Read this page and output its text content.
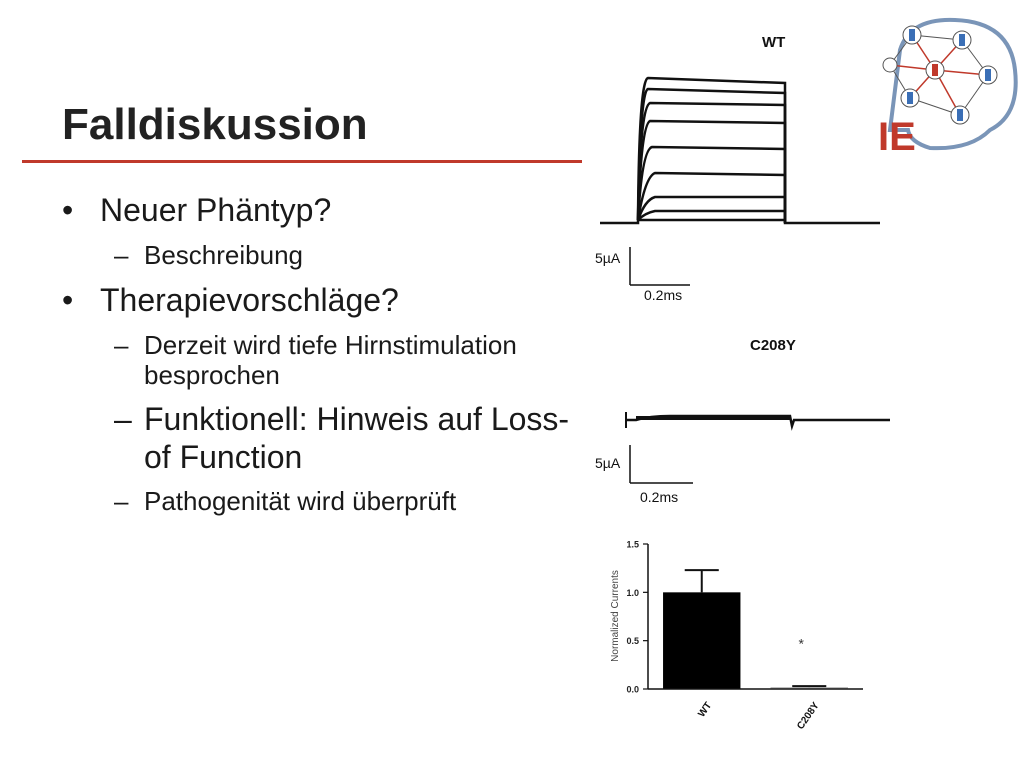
Falldiskussion
• Neuer Phäntyp?
– Beschreibung
• Therapievorschläge?
– Derzeit wird tiefe Hirnstimulation besprochen
– Funktionell: Hinweis auf Loss-of Function
– Pathogenität wird überprüft
IE
WT
5µA
0.2ms
C208Y
5µA
0.2ms
0.0
0.5
1.0
1.5
WT	C208Y
Normalized Currents	*
